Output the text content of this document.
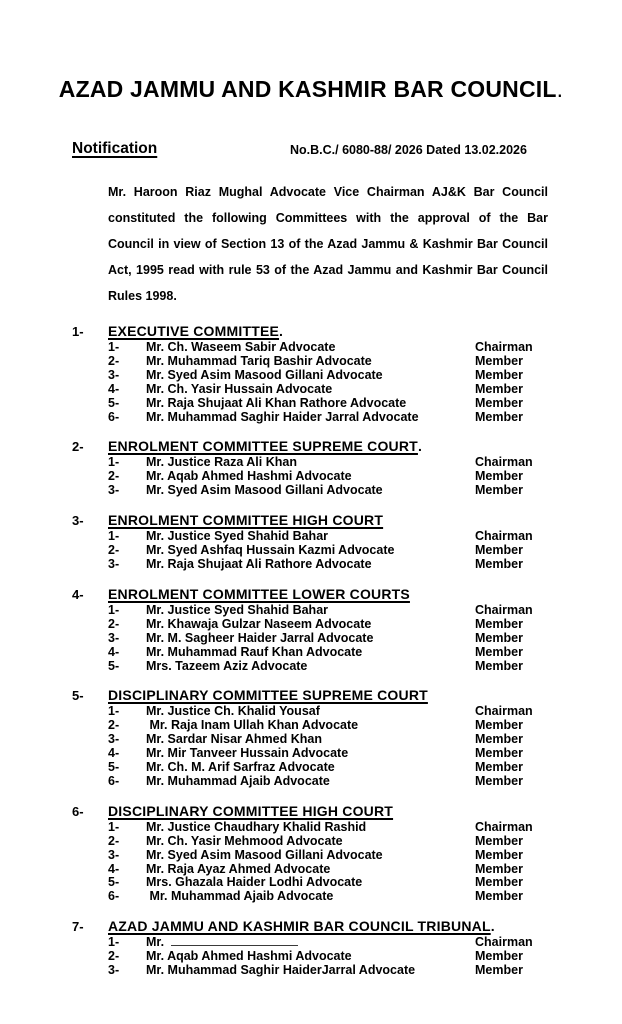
AZAD JAMMU AND KASHMIR BAR COUNCIL.
Notification	No.B.C./ 6080-88/ 2026 Dated 13.02.2026

Mr. Haroon Riaz Mughal Advocate Vice Chairman AJ&K Bar Council constituted the following Committees with the approval of the Bar Council in view of Section 13 of the Azad Jammu & Kashmir Bar Council Act, 1995 read with rule 53 of the Azad Jammu and Kashmir Bar Council Rules 1998.

1-	EXECUTIVE COMMITTEE.
1-	Mr. Ch. Waseem Sabir Advocate	Chairman
2-	Mr. Muhammad Tariq Bashir Advocate	Member
3-	Mr. Syed Asim Masood Gillani Advocate	Member
4-	Mr. Ch. Yasir Hussain Advocate	Member
5-	Mr. Raja Shujaat Ali Khan Rathore Advocate	Member
6-	Mr. Muhammad Saghir Haider Jarral Advocate	Member
2-	ENROLMENT COMMITTEE SUPREME COURT.
1-	Mr. Justice Raza Ali Khan	Chairman
2-	Mr. Aqab Ahmed Hashmi Advocate	Member
3-	Mr. Syed Asim Masood Gillani Advocate	Member
3-	ENROLMENT COMMITTEE HIGH COURT
1-	Mr. Justice Syed Shahid Bahar	Chairman
2-	Mr. Syed Ashfaq Hussain Kazmi Advocate	Member
3-	Mr. Raja Shujaat Ali Rathore Advocate	Member
4-	ENROLMENT COMMITTEE LOWER COURTS
1-	Mr. Justice Syed Shahid Bahar	Chairman
2-	Mr. Khawaja Gulzar Naseem Advocate	Member
3-	Mr. M. Sagheer Haider Jarral Advocate	Member
4-	Mr. Muhammad Rauf Khan Advocate	Member
5-	Mrs. Tazeem Aziz Advocate	Member
5-	DISCIPLINARY COMMITTEE SUPREME COURT
1-	Mr. Justice Ch. Khalid Yousaf	Chairman
2-	Mr. Raja Inam Ullah Khan Advocate	Member
3-	Mr. Sardar Nisar Ahmed Khan	Member
4-	Mr. Mir Tanveer Hussain Advocate	Member
5-	Mr. Ch. M. Arif Sarfraz Advocate	Member
6-	Mr. Muhammad Ajaib Advocate	Member
6-	DISCIPLINARY COMMITTEE HIGH COURT
1-	Mr. Justice Chaudhary Khalid Rashid	Chairman
2-	Mr. Ch. Yasir Mehmood Advocate	Member
3-	Mr. Syed Asim Masood Gillani Advocate	Member
4-	Mr. Raja Ayaz Ahmed Advocate	Member
5-	Mrs. Ghazala Haider Lodhi Advocate	Member
6-	Mr. Muhammad Ajaib Advocate	Member
7-	AZAD JAMMU AND KASHMIR BAR COUNCIL TRIBUNAL.
1-	Mr.	Chairman
2-	Mr. Aqab Ahmed Hashmi Advocate	Member
3-	Mr. Muhammad Saghir HaiderJarral Advocate	Member
